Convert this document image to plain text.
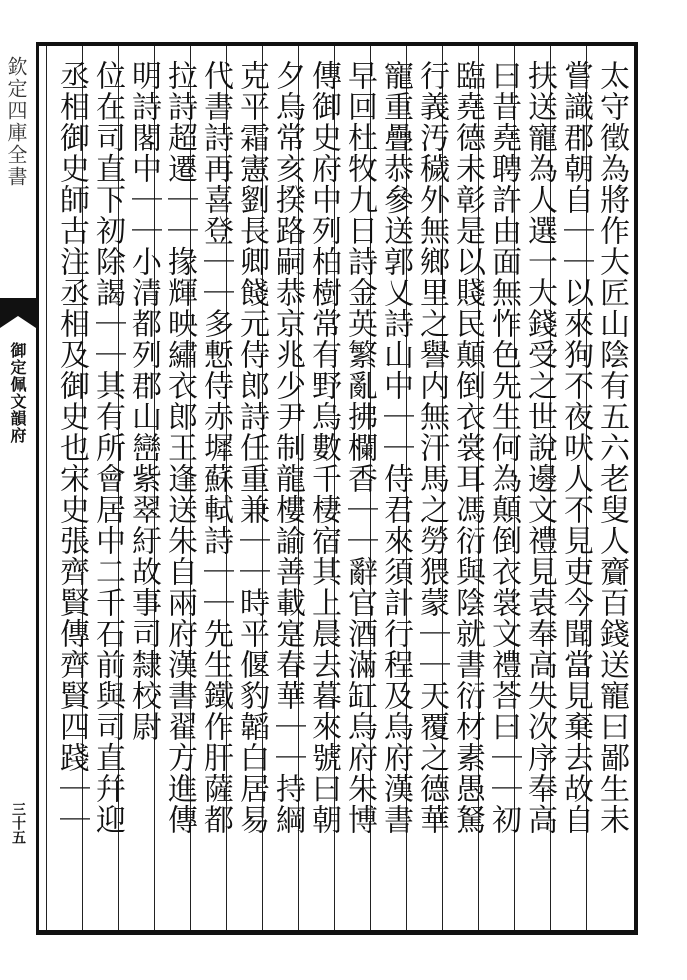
欽定四庫全書
御定佩文韻府
三十五	太守徵為將作大匠山陰有五六老叟人齎百錢送寵曰鄙生未
嘗識郡朝自｜｜以來狗不夜吠人不見吏今聞當見棄去故自
扶送寵為人選一大錢受之世說邊文禮見袁奉高失次序奉高
曰昔堯聘許由面無怍色先生何為顛倒衣裳文禮荅曰｜｜初
臨堯德未彰是以賤民顛倒衣裳耳馮衍與陰就書衍材素愚駑
行義汚穢外無鄉里之譽内無汗馬之勞猥蒙｜｜天覆之德華
寵重疊恭參送郭乂詩山中｜｜侍君來須計行程及烏府漢書
早回杜牧九日詩金英繁亂拂欄香｜｜辭官酒滿缸烏府朱博
傳御史府中列柏樹常有野烏數千棲宿其上晨去暮來號曰朝
夕烏常亥揆路嗣恭京兆少尹制龍樓諭善載寔春華｜｜持綱
克平霜憲劉長卿餞元侍郎詩任重兼｜｜時平偃豹韜白居易
代書詩再喜登｜｜多慙侍赤墀蘇軾詩｜｜先生鐵作肝薩都
拉詩超遷｜｜掾輝映繡衣郎王逢送朱自兩府漢書翟方進傳
明詩閣中｜｜小清都列郡山巒紫翠紆故事司隸校尉
位在司直下初除謁｜｜其有所會居中二千石前與司直幷迎
丞相御史師古注丞相及御史也宋史張齊賢傳齊賢四踐｜｜
